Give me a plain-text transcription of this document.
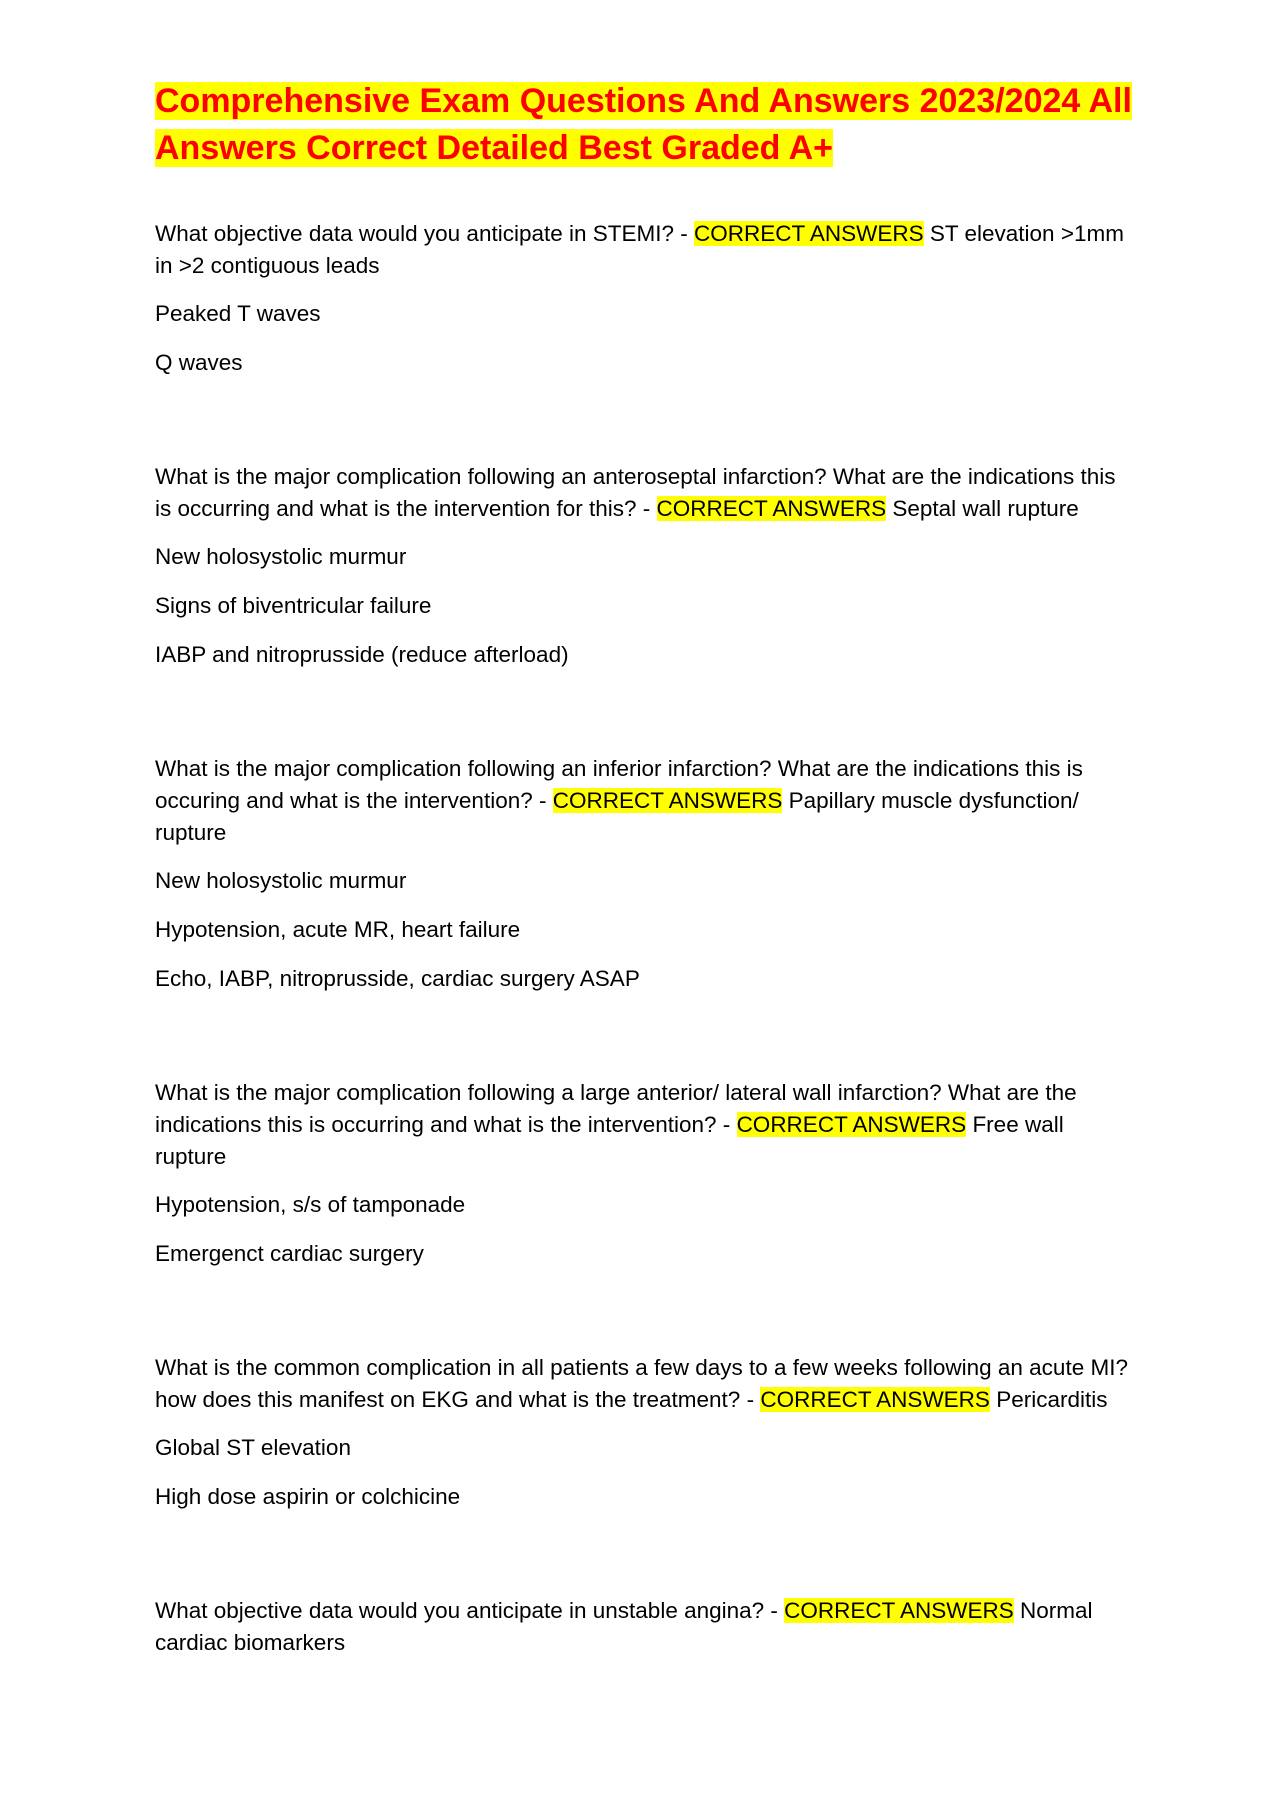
Comprehensive Exam Questions And Answers 2023/2024 All Answers Correct Detailed Best Graded A+

What objective data would you anticipate in STEMI? - CORRECT ANSWERS ST elevation >1mm in >2 contiguous leads

Peaked T waves

Q waves

What is the major complication following an anteroseptal infarction? What are the indications this is occurring and what is the intervention for this? - CORRECT ANSWERS Septal wall rupture

New holosystolic murmur

Signs of biventricular failure

IABP and nitroprusside (reduce afterload)

What is the major complication following an inferior infarction? What are the indications this is occuring and what is the intervention? - CORRECT ANSWERS Papillary muscle dysfunction/ rupture

New holosystolic murmur

Hypotension, acute MR, heart failure

Echo, IABP, nitroprusside, cardiac surgery ASAP

What is the major complication following a large anterior/ lateral wall infarction? What are the indications this is occurring and what is the intervention? - CORRECT ANSWERS Free wall rupture

Hypotension, s/s of tamponade

Emergenct cardiac surgery

What is the common complication in all patients a few days to a few weeks following an acute MI? how does this manifest on EKG and what is the treatment? - CORRECT ANSWERS Pericarditis

Global ST elevation

High dose aspirin or colchicine

What objective data would you anticipate in unstable angina? - CORRECT ANSWERS Normal cardiac biomarkers
